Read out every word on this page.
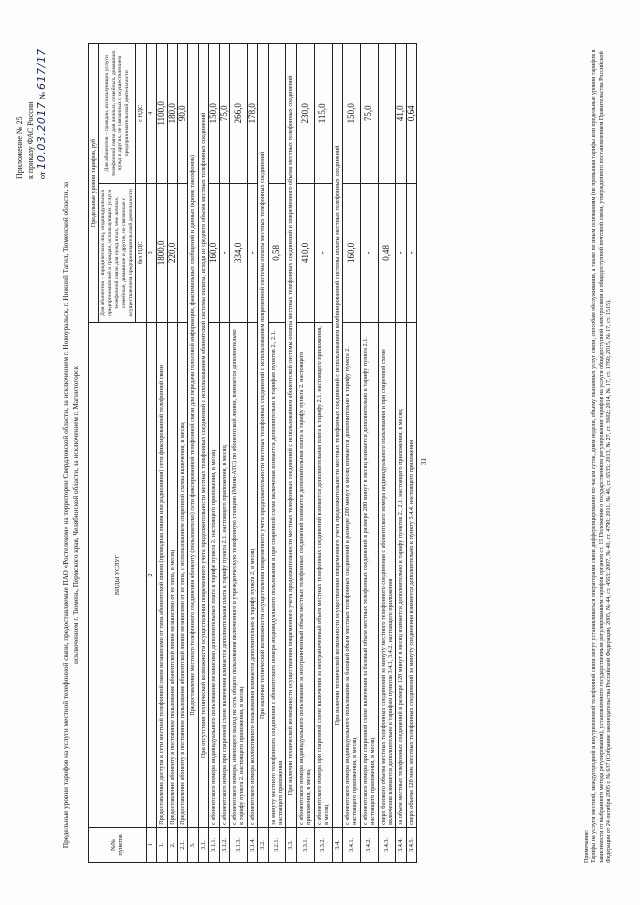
Приложение № 25 к приказу ФАС России от 10.03.2017 № 617/17
Предельные уровни тарифов на услуги местной телефонной связи, предоставляемые ПАО «Ростелеком» на территории Свердловской области, за исключением г. Новоуральск, г. Нижний Тагил, Тюменской области, за исключением г. Тюмень, Пермского края, Челябинской области, за исключением г. Магнитогорск
№№ пунктов	ВИДЫ УСЛУГ	Предельные уровни тарифов, руб	
		Для абонентов – юридических лиц, индивидуальных предпринимателей и граждан, использующих услуги телефонной связи для нужд иных, чем личные, семейные, домашние и другие, не связанные с осуществлением предпринимательской деятельности	Для абонентов – граждан, использующих услуги телефонной связи для личных, семейных, домашних нужд и других, не связанных с осуществлением предпринимательской деятельности
		без НДС	с НДС
1	2	3	4
1.	Предоставление доступа к сети местной телефонной связи независимо от типа абонентской линии (проводная линия или радиолиния) сети фиксированной телефонной связи	1800,0	1100,0
2.	Предоставление абоненту в постоянное пользование абонентской линии независимо от ее типа, в месяц	220,0	180,0
2.1.	Предоставление абоненту в постоянное пользование абонентской линии независимо от ее типа, с использованием спаренной схемы включения, в месяц		90,0
3.	Предоставление местного телефонного соединения абоненту (пользователю) сети фиксированной телефонной связи для передачи голосовой информации, факсимильных сообщений и данных (кроме таксофонов)		
3.1.	При отсутствии технической возможности осуществления повременного учета продолжительности местных телефонных соединений с использованием абонентской системы оплаты, исходя из среднего объема местных телефонных соединений		
3.1.1.	с абонентского номера индивидуального пользования независимо дополнительных плата в тарифе пункта 2. настоящего приложения, в месяц	160,0	150,0
3.1.2.	с абонентского номера при спаренной схеме включения взимается дополнительная плата к тарифу пункта 2.1. настоящего приложения, в месяц	-	75,0
3.1.3.	с абонентского номера, имеющего выход на сеть общего пользования включенного в учрежденческую телефонную станцию (Мини-АТС) по абонентской линии, взимается дополнительно к тарифу пункта 2. настоящего приложения, в месяц	334,0	266,0
3.1.4.	с абонентского номера коллективного пользования взимается дополнительно к тарифу пункта 2, в месяц	-	178,0
3.2.	При наличии технической возможности осуществления повременного учета продолжительности местных телефонных соединений с использованием повременной системы оплаты местных телефонных соединений		
3.2.1.	за минуту местного телефонного соединения с абонентского номера индивидуального пользования и при спаренной схеме включения взимается дополнительно к тарифам пунктов 2., 2.1. настоящего приложения	0,58	
3.3.	При наличии технической возможности осуществления повременного учета продолжительности местных телефонных соединений с использованием абонентской системы оплаты местных телефонных соединений и повременного объема местных телефонных соединений		
3.3.1.	с абонентского номера индивидуального пользования за неограниченный объем местных телефонных соединений взимается дополнительная плата к тарифу пункта 2. настоящего приложения, в месяц	410,0	230,0
3.3.2.	с абонентского номера при спаренной схеме включения за неограниченный объем местных телефонных соединений взимается дополнительная плата к тарифу 2.1. настоящего приложения, в месяц	-	115,0
3.4.	При наличии технической возможности осуществления повременного учета продолжительности местных телефонных соединений с использованием комбинированной системы оплаты местных телефонных соединений		
3.4.1.	с абонентского номера индивидуального пользования за базовый объем местных телефонных соединений в размере 280 минут в месяц взимается дополнительно к тарифу пункта 2. настоящего приложения, в месяц	160,0	150,0
3.4.2.	с абонентского номера при спаренной схеме включения за базовый объем местных телефонных соединений в размере 280 минут в месяц взимается дополнительно к тарифу пункта 2.1. настоящего приложения, в месяц	-	75,0
3.4.3.	сверх базового объема местных телефонных соединений за минуту местного телефонного соединения с абонентского номера индивидуального пользования и при спаренной схеме включения взимается дополнительно к тарифам пунктов 3.4.1, 3.4.2. настоящего приложения	0,48	
3.4.4.	за объем местных телефонных соединений в размере 120 минут в месяц взимается дополнительно к тарифу пунктов 2., 2.1. настоящего приложения, в месяц	-	41,0
3.4.5.	сверх объема 120 мин. местных телефонных соединений за минуту соединения взимается дополнительно к пункту 3.4.4. настоящего приложения	-	0,64
31
Примечание: Тарифы на услуги местной, междугородной и внутризоновой телефонной связи могут устанавливаться операторами связи дифференцированно по часам суток, дням недели, объему оказанных услуг связи, способам обслуживания, а также по иным основаниям (не превышая тарифы или предельные уровни тарифов в зависимости от выбранного метода регулирования), установленного государственным регулированием тарифов органом ст. 15 Положения о государственном регулировании тарифов на услуги общедоступной электросвязи и общедоступной почтовой связи, утвержденного постановлением Правительства Российской Федерации от 24 октября 2005 г. № 637 (Собрание законодательства Российской Федерации, 2005, № 44, ст. 4563; 2007, № 40, ст. 4790; 2011, № 46, ст. 6535; 2013, № 27, ст. 3602; 2014, № 17, ст. 1760; 2015, № 17, ст. 1515).
